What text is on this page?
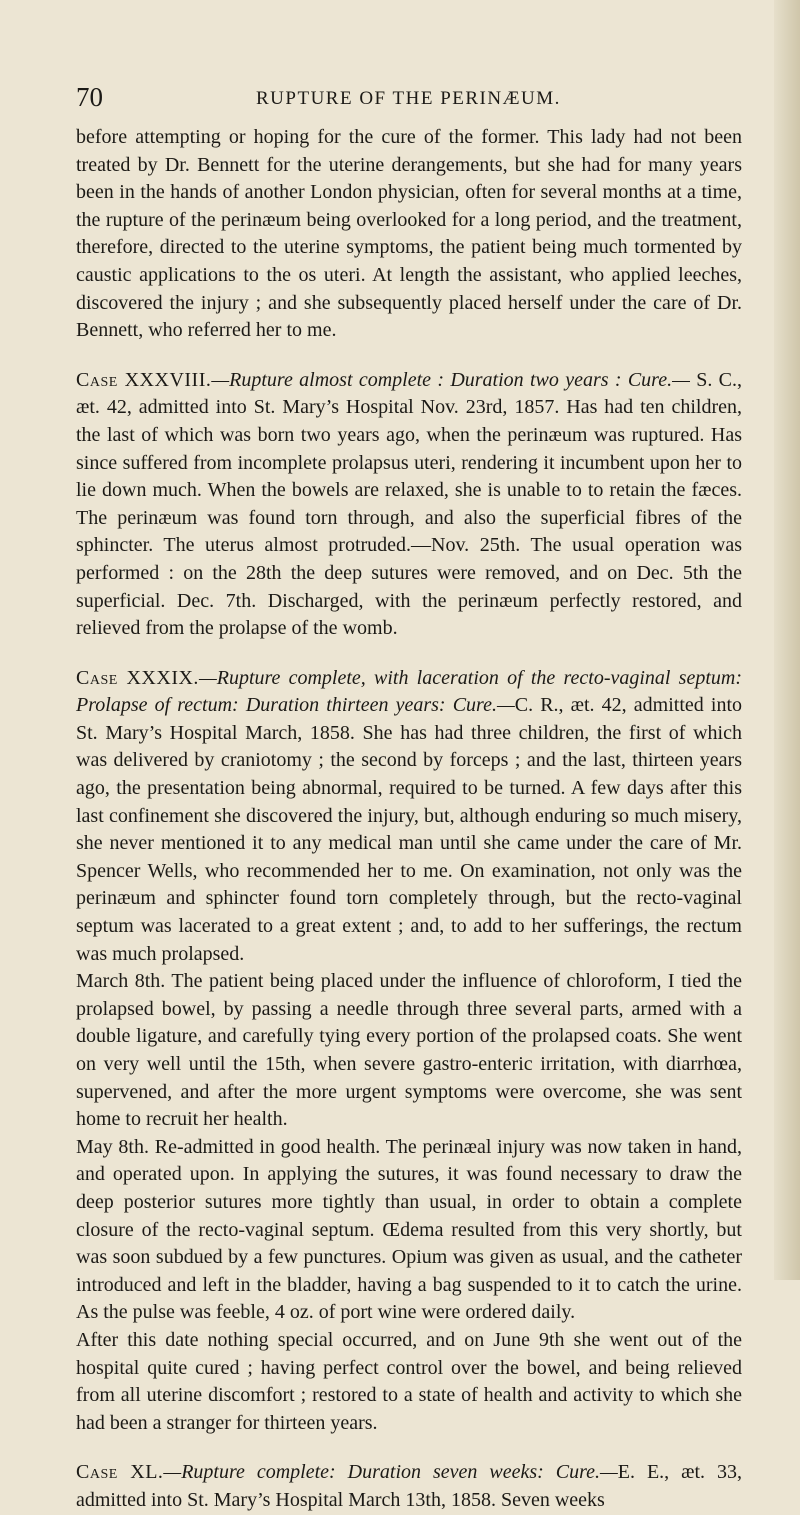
70	RUPTURE OF THE PERINÆUM.

before attempting or hoping for the cure of the former. This lady had not been treated by Dr. Bennett for the uterine derangements, but she had for many years been in the hands of another London physician, often for several months at a time, the rupture of the perinæum being overlooked for a long period, and the treatment, therefore, directed to the uterine symptoms, the patient being much tormented by caustic applications to the os uteri. At length the assistant, who applied leeches, discovered the injury ; and she subsequently placed herself under the care of Dr. Bennett, who referred her to me.

Case XXXVIII.—Rupture almost complete : Duration two years : Cure.— S. C., æt. 42, admitted into St. Mary’s Hospital Nov. 23rd, 1857. Has had ten children, the last of which was born two years ago, when the perinæum was ruptured. Has since suffered from incomplete prolapsus uteri, rendering it incumbent upon her to lie down much. When the bowels are relaxed, she is unable to to retain the fæces. The perinæum was found torn through, and also the superficial fibres of the sphincter. The uterus almost protruded.—Nov. 25th. The usual operation was performed : on the 28th the deep sutures were removed, and on Dec. 5th the superficial. Dec. 7th. Discharged, with the perinæum perfectly restored, and relieved from the prolapse of the womb.

Case XXXIX.—Rupture complete, with laceration of the recto-vaginal septum: Prolapse of rectum: Duration thirteen years: Cure.—C. R., æt. 42, admitted into St. Mary’s Hospital March, 1858. She has had three children, the first of which was delivered by craniotomy ; the second by forceps ; and the last, thirteen years ago, the presentation being abnormal, required to be turned. A few days after this last confinement she discovered the injury, but, although enduring so much misery, she never mentioned it to any medical man until she came under the care of Mr. Spencer Wells, who recommended her to me. On examination, not only was the perinæum and sphincter found torn completely through, but the recto-vaginal septum was lacerated to a great extent ; and, to add to her sufferings, the rectum was much prolapsed.

March 8th. The patient being placed under the influence of chloroform, I tied the prolapsed bowel, by passing a needle through three several parts, armed with a double ligature, and carefully tying every portion of the prolapsed coats. She went on very well until the 15th, when severe gastro-enteric irritation, with diarrhœa, supervened, and after the more urgent symptoms were overcome, she was sent home to recruit her health.

May 8th. Re-admitted in good health. The perinæal injury was now taken in hand, and operated upon. In applying the sutures, it was found necessary to draw the deep posterior sutures more tightly than usual, in order to obtain a complete closure of the recto-vaginal septum. Œdema resulted from this very shortly, but was soon subdued by a few punctures. Opium was given as usual, and the catheter introduced and left in the bladder, having a bag suspended to it to catch the urine. As the pulse was feeble, 4 oz. of port wine were ordered daily.

After this date nothing special occurred, and on June 9th she went out of the hospital quite cured ; having perfect control over the bowel, and being relieved from all uterine discomfort ; restored to a state of health and activity to which she had been a stranger for thirteen years.

Case XL.—Rupture complete: Duration seven weeks: Cure.—E. E., æt. 33, admitted into St. Mary’s Hospital March 13th, 1858. Seven weeks
